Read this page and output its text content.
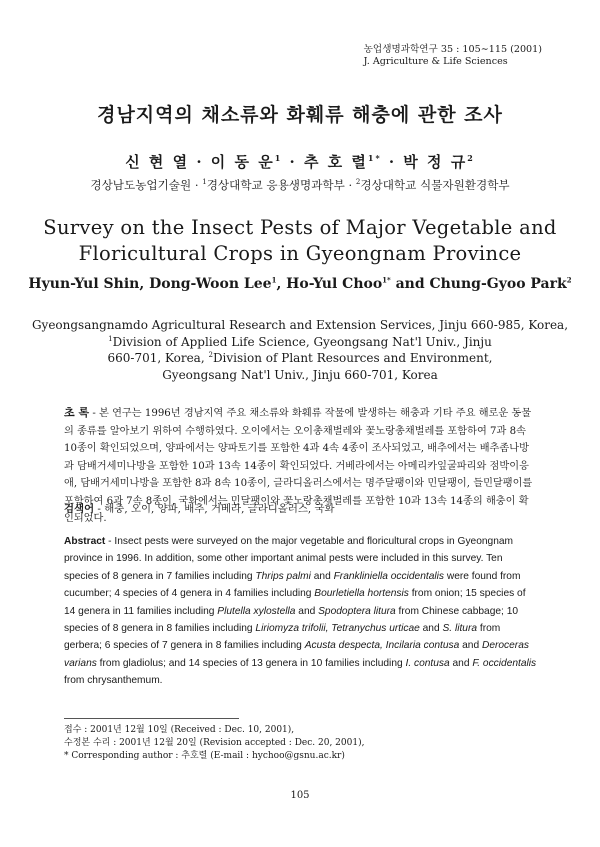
농업생명과학연구 35 : 105∼115 (2001)
J. Agriculture & Life Sciences
경남지역의 채소류와 화훼류 해충에 관한 조사
신 현 열 · 이 동 운$^1$ · 추 호 렬$^{1*}$ · 박 정 규$^2$
경상남도농업기술원 · $^1$경상대학교 응용생명과학부 · $^2$경상대학교 식물자원환경학부
Survey on the Insect Pests of Major Vegetable and
Floricultural Crops in Gyeongnam Province
Hyun-Yul Shin, Dong-Woon Lee$^1$, Ho-Yul Choo$^{1*}$ and Chung-Gyoo Park$^2$
Gyeongsangnamdo Agricultural Research and Extension Services, Jinju 660-985, Korea,
$^1$Division of Applied Life Science, Gyeongsang Nat'l Univ., Jinju
660-701, Korea, $^2$Division of Plant Resources and Environment,
Gyeongsang Nat'l Univ., Jinju 660-701, Korea
초 록 - 본 연구는 1996년 경남지역 주요 채소류와 화훼류 작물에 발생하는 해충과 기타 주요 해로운 동물의 종류를 알아보기 위하여 수행하였다. 오이에서는 오이총채벌레와 꽃노랑총채벌레를 포함하여 7과 8속 10종이 확인되었으며, 양파에서는 양파토기를 포함한 4과 4속 4종이 조사되었고, 배추에서는 배추좀나방과 담배거세미나방을 포함한 10과 13속 14종이 확인되었다. 거베라에서는 아메리카잎굴파리와 점박이응애, 담배거세미나방을 포함한 8과 8속 10종이, 글라디올러스에서는 명주달팽이와 민달팽이, 들민달팽이를 포함하여 6과 7속 8종이, 국화에서는 민달팽이와 꽃노랑총채벌레를 포함한 10과 13속 14종의 해충이 확인되었다.
검색어 - 해충, 오이, 양파, 배추, 거베라, 글라디올러스, 국화
Abstract - Insect pests were surveyed on the major vegetable and floricultural crops in Gyeongnam
province in 1996. In addition, some other important animal pests were included in this survey. Ten
species of 8 genera in 7 families including Thrips palmi and Frankliniella occidentalis were found from
cucumber; 4 species of 4 genera in 4 families including Bourletiella hortensis from onion; 15 species of
14 genera in 11 families including Plutella xylostella and Spodoptera litura from Chinese cabbage; 10
species of 8 genera in 8 families including Liriomyza trifolii, Tetranychus urticae and S. litura from
gerbera; 6 species of 7 genera in 8 families including Acusta despecta, Incilaria contusa and Deroceras
varians from gladiolus; and 14 species of 13 genera in 10 families including I. contusa and F. occidentalis
from chrysanthemum.
접수 : 2001년 12월 10일 (Received : Dec. 10, 2001),
수정본 수리 : 2001년 12월 20일 (Revision accepted : Dec. 20, 2001),
* Corresponding author : 추호렬 (E-mail : hychoo@gsnu.ac.kr)
105
